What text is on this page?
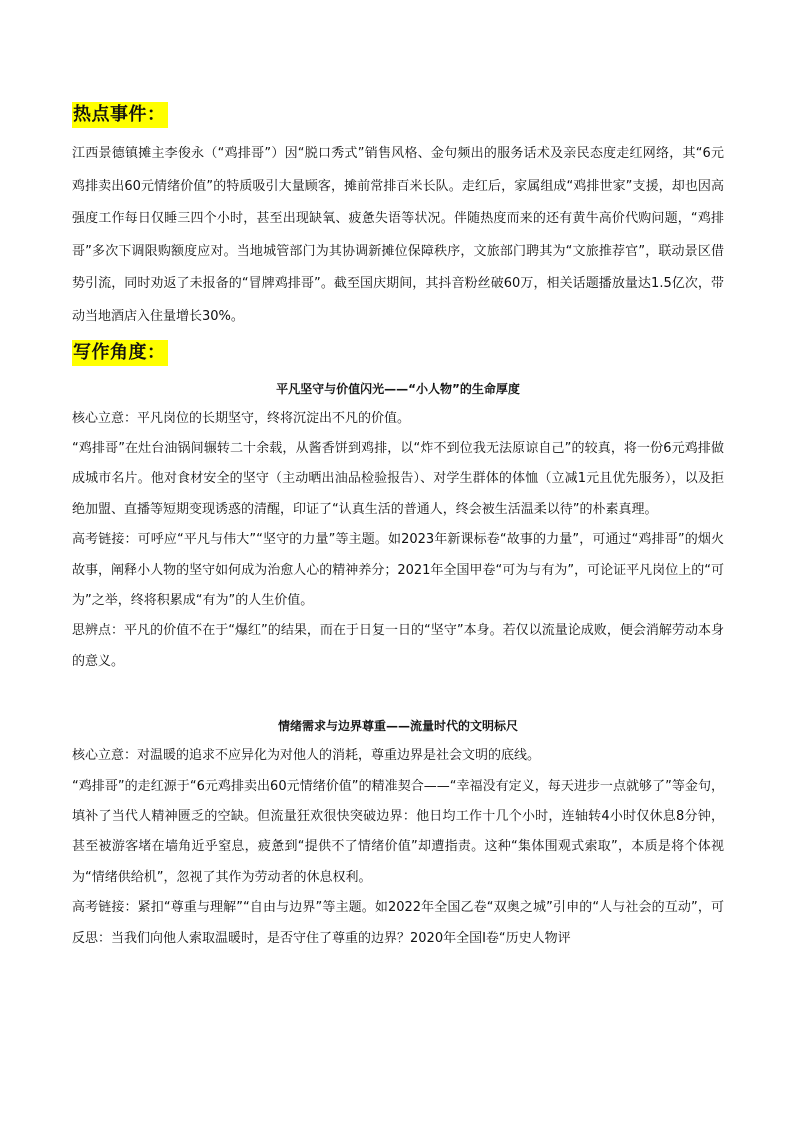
热点事件：

江西景德镇摊主李俊永（“鸡排哥”）因“脱口秀式”销售风格、金句频出的服务话术及亲民态度走红网络，其“6元鸡排卖出60元情绪价值”的特质吸引大量顾客，摊前常排百米长队。走红后，家属组成“鸡排世家”支援，却也因高强度工作每日仅睡三四个小时，甚至出现缺氧、疲惫失语等状况。伴随热度而来的还有黄牛高价代购问题，“鸡排哥”多次下调限购额度应对。当地城管部门为其协调新摊位保障秩序，文旅部门聘其为“文旅推荐官”，联动景区借势引流，同时劝返了未报备的“冒牌鸡排哥”。截至国庆期间，其抖音粉丝破60万，相关话题播放量达1.5亿次，带动当地酒店入住量增长30%。

写作角度：
平凡坚守与价值闪光——“小人物”的生命厚度

核心立意：平凡岗位的长期坚守，终将沉淀出不凡的价值。

“鸡排哥”在灶台油锅间辗转二十余载，从酱香饼到鸡排，以“炸不到位我无法原谅自己”的较真，将一份6元鸡排做成城市名片。他对食材安全的坚守（主动晒出油品检验报告）、对学生群体的体恤（立减1元且优先服务），以及拒绝加盟、直播等短期变现诱惑的清醒，印证了“认真生活的普通人，终会被生活温柔以待”的朴素真理。

高考链接：可呼应“平凡与伟大”“坚守的力量”等主题。如2023年新课标卷“故事的力量”，可通过“鸡排哥”的烟火故事，阐释小人物的坚守如何成为治愈人心的精神养分；2021年全国甲卷“可为与有为”，可论证平凡岗位上的“可为”之举，终将积累成“有为”的人生价值。

思辨点：平凡的价值不在于“爆红”的结果，而在于日复一日的“坚守”本身。若仅以流量论成败，便会消解劳动本身的意义。

情绪需求与边界尊重——流量时代的文明标尺

核心立意：对温暖的追求不应异化为对他人的消耗，尊重边界是社会文明的底线。

“鸡排哥”的走红源于“6元鸡排卖出60元情绪价值”的精准契合——“幸福没有定义，每天进步一点就够了”等金句，填补了当代人精神匮乏的空缺。但流量狂欢很快突破边界：他日均工作十几个小时，连轴转4小时仅休息8分钟，甚至被游客堵在墙角近乎窒息，疲惫到“提供不了情绪价值”却遭指责。这种“集体围观式索取”，本质是将个体视为“情绪供给机”，忽视了其作为劳动者的休息权利。

高考链接：紧扣“尊重与理解”“自由与边界”等主题。如2022年全国乙卷“双奥之城”引申的“人与社会的互动”，可反思：当我们向他人索取温暖时，是否守住了尊重的边界？2020年全国Ⅰ卷“历史人物评
